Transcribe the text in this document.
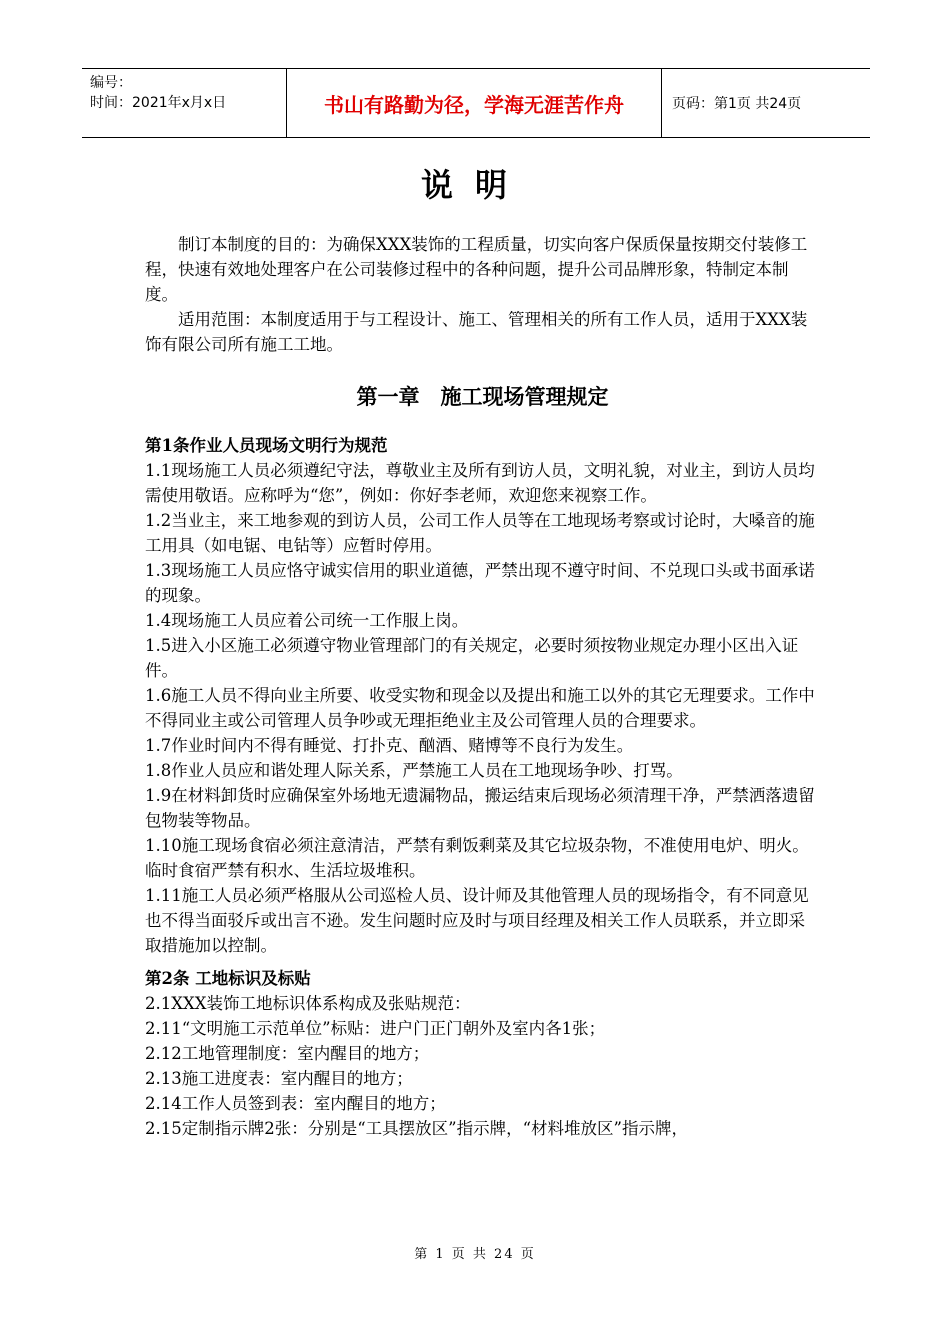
编号：
时间：2021年x月x日	书山有路勤为径，学海无涯苦作舟	页码：第1页 共24页
说明

制订本制度的目的：为确保XXX装饰的工程质量，切实向客户保质保量按期交付装修工程，快速有效地处理客户在公司装修过程中的各种问题，提升公司品牌形象，特制定本制度。

适用范围：本制度适用于与工程设计、施工、管理相关的所有工作人员，适用于XXX装饰有限公司所有施工工地。

第一章　施工现场管理规定

第1条作业人员现场文明行为规范

1.1现场施工人员必须遵纪守法，尊敬业主及所有到访人员，文明礼貌，对业主，到访人员均需使用敬语。应称呼为“您”，例如：你好李老师，欢迎您来视察工作。

1.2当业主，来工地参观的到访人员，公司工作人员等在工地现场考察或讨论时，大嗓音的施工用具（如电锯、电钻等）应暂时停用。

1.3现场施工人员应恪守诚实信用的职业道德，严禁出现不遵守时间、不兑现口头或书面承诺的现象。

1.4现场施工人员应着公司统一工作服上岗。

1.5进入小区施工必须遵守物业管理部门的有关规定，必要时须按物业规定办理小区出入证件。

1.6施工人员不得向业主所要、收受实物和现金以及提出和施工以外的其它无理要求。工作中不得同业主或公司管理人员争吵或无理拒绝业主及公司管理人员的合理要求。

1.7作业时间内不得有睡觉、打扑克、酗酒、赌博等不良行为发生。

1.8作业人员应和谐处理人际关系，严禁施工人员在工地现场争吵、打骂。

1.9在材料卸货时应确保室外场地无遗漏物品，搬运结束后现场必须清理干净，严禁洒落遗留包物装等物品。

1.10施工现场食宿必须注意清洁，严禁有剩饭剩菜及其它垃圾杂物，不准使用电炉、明火。临时食宿严禁有积水、生活垃圾堆积。

1.11施工人员必须严格服从公司巡检人员、设计师及其他管理人员的现场指令，有不同意见也不得当面驳斥或出言不逊。发生问题时应及时与项目经理及相关工作人员联系，并立即采取措施加以控制。

第2条 工地标识及标贴

2.1XXX装饰工地标识体系构成及张贴规范：

2.11“文明施工示范单位”标贴：进户门正门朝外及室内各1张；

2.12工地管理制度：室内醒目的地方；

2.13施工进度表：室内醒目的地方；

2.14工作人员签到表：室内醒目的地方；

2.15定制指示牌2张：分别是“工具摆放区”指示牌，“材料堆放区”指示牌，

第 1 页 共 24 页
